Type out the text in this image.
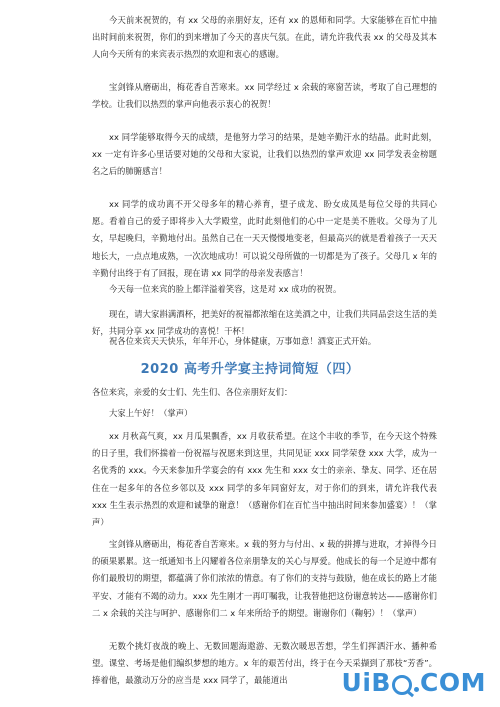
今天前来祝贺的，有 xx 父母的亲朋好友，还有 xx 的恩师和同学。大家能够在百忙中抽出时间前来祝贺，你们的到来增加了今天的喜庆气氛。在此，请允许我代表 xx 的父母及其本人向今天所有的来宾表示热烈的欢迎和衷心的感谢。

宝剑锋从磨砺出，梅花香自苦寒来。xx 同学经过 x 余载的寒窗苦读，考取了自己理想的学校。让我们以热烈的掌声向他表示衷心的祝贺！

xx 同学能够取得今天的成绩，是他努力学习的结果，是她辛勤汗水的结晶。此时此刻，xx 一定有许多心里话要对她的父母和大家说，让我们以热烈的掌声欢迎 xx 同学发表金榜题名之后的肺腑感言！

xx 同学的成功离不开父母多年的精心养育，望子成龙、盼女成凤是每位父母的共同心愿。看着自己的爱子即将步入大学殿堂，此时此刻他们的心中一定是美不胜收。父母为了儿女，早起晚归，辛勤地付出。虽然自己在一天天慢慢地变老，但最高兴的就是看着孩子一天天地长大，一点点地成熟，一次次地成功！可以说父母所做的一切都是为了孩子。父母几 x 年的辛勤付出终于有了回报，现在请 xx 同学的母亲发表感言！

今天每一位来宾的脸上都洋溢着笑容，这是对 xx 成功的祝贺。

现在，请大家斟满酒杯，把美好的祝福都浓缩在这美酒之中，让我们共同品尝这生活的美好，共同分享 xx 同学成功的喜悦！干杯！

祝各位来宾天天快乐，年年开心，身体健康，万事如意！酒宴正式开始。

2020 高考升学宴主持词简短（四）

各位来宾，亲爱的女士们、先生们、各位亲朋好友们：

大家上午好！（掌声）

xx 月秋高气爽，xx 月瓜果飘香，xx 月收获希望。在这个丰收的季节，在今天这个特殊的日子里，我们怀揣着一份祝福与祝愿来到这里，共同见证 xxx 同学荣登 xxx 大学，成为一名优秀的 xxx。今天来参加升学宴会的有 xxx 先生和 xxx 女士的亲亲、挚友、同学、还在居住在一起多年的各位乡邻以及 xxx 同学的多年同窗好友，对于你们的到来，请允许我代表 xxx 生生表示热烈的欢迎和诚挚的谢意！（感谢你们在百忙当中抽出时间来参加盛宴）！（掌声）

宝剑锋从磨砺出，梅花香自苦寒来。x 载的努力与付出、x 载的拼搏与进取，才掉得今日的硕果累累。这一纸通知书上闪耀着各位亲朋挚友的关心与厚爱。他成长的每一个足迹中都有你们最殷切的期望，都蕴满了你们浓浓的情意。有了你们的支持与鼓励，他在成长的路上才能平安、才能有不竭的动力。xxx 先生刚才一再叮嘱我，让我替他把这份谢意转达——感谢你们二 x 余载的关注与呵护、感谢你们二 x 年来所给予的期望。谢谢你们（鞠躬）！（掌声）

无数个挑灯夜战的晚上、无数回题海遨游、无数次暖思苦想，学生们挥洒汗水、播种希望。课堂、考场是他们编织梦想的地方。x 年的艰苦付出，终于在今天采撷到了那枝“芳香”。捧着他，最激动万分的应当是 xxx 同学了，最能道出	U i B C O M
